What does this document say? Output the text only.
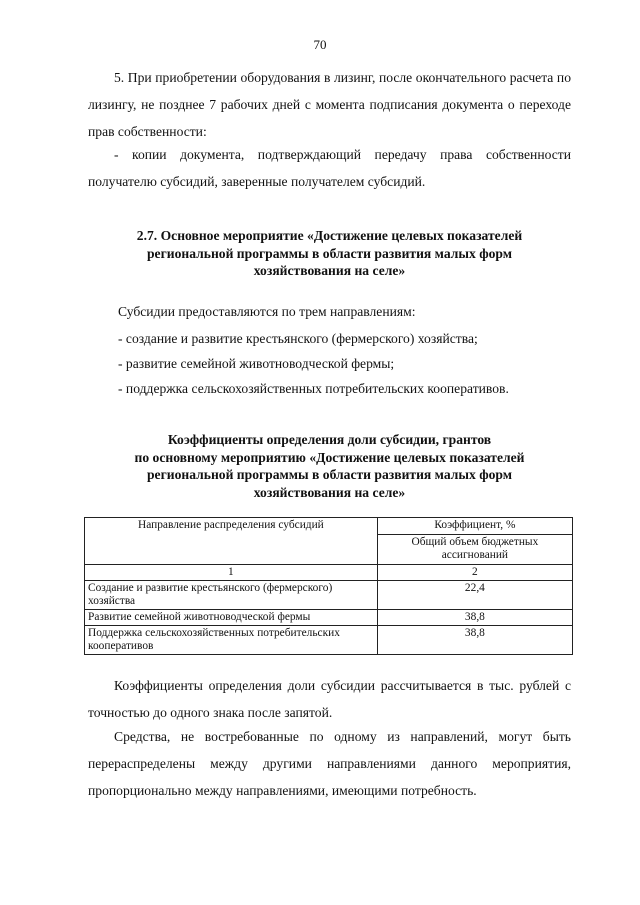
70
5. При приобретении оборудования в лизинг, после окончательного расчета по лизингу, не позднее 7 рабочих дней с момента подписания документа о переходе прав собственности:
- копии документа, подтверждающий передачу права собственности получателю субсидий, заверенные получателем субсидий.
2.7. Основное мероприятие «Достижение целевых показателей
региональной программы в области развития малых форм
хозяйствования на селе»
Субсидии предоставляются по трем направлениям:
- создание и развитие крестьянского (фермерского) хозяйства;
- развитие семейной животноводческой фермы;
- поддержка сельскохозяйственных потребительских кооперативов.
Коэффициенты определения доли субсидии, грантов
по основному мероприятию «Достижение целевых показателей
региональной программы в области развития малых форм
хозяйствования на селе»
Направление распределения субсидий	Коэффициент, %
	Общий объем бюджетных ассигнований
1	2
Создание и развитие крестьянского (фермерского) хозяйства	22,4
Развитие семейной животноводческой фермы	38,8
Поддержка сельскохозяйственных потребительских кооперативов	38,8
Коэффициенты определения доли субсидии рассчитывается в тыс. рублей с точностью до одного знака после запятой.
Средства, не востребованные по одному из направлений, могут быть перераспределены между другими направлениями данного мероприятия, пропорционально между направлениями, имеющими потребность.
